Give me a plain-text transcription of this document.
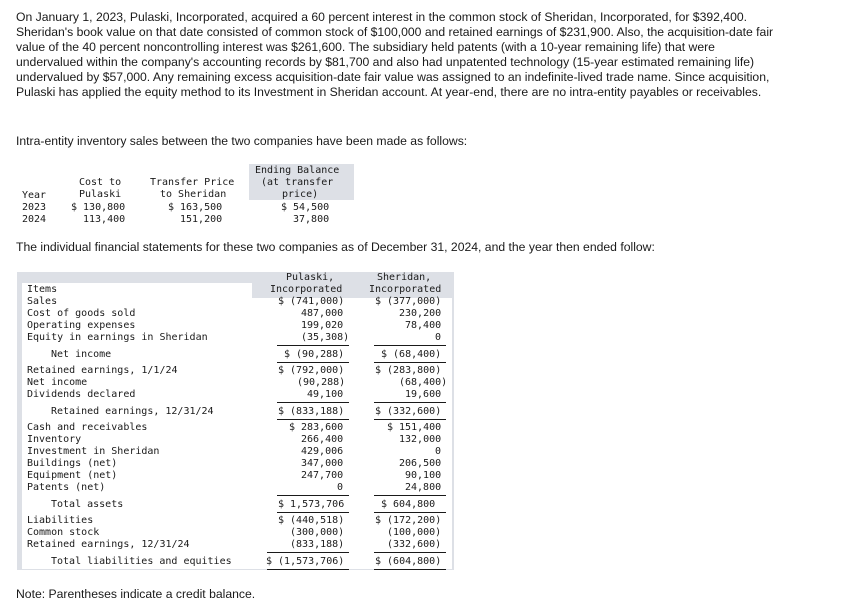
On January 1, 2023, Pulaski, Incorporated, acquired a 60 percent interest in the common stock of Sheridan, Incorporated, for $392,400. Sheridan's book value on that date consisted of common stock of $100,000 and retained earnings of $231,900. Also, the acquisition-date fair value of the 40 percent noncontrolling interest was $261,600. The subsidiary held patents (with a 10-year remaining life) that were undervalued within the company's accounting records by $81,700 and also had unpatented technology (15-year estimated remaining life) undervalued by $57,000. Any remaining excess acquisition-date fair value was assigned to an indefinite-lived trade name. Since acquisition, Pulaski has applied the equity method to its Investment in Sheridan account. At year-end, there are no intra-entity payables or receivables.
Intra-entity inventory sales between the two companies have been made as follows:
Ending Balance
(at transfer
price)
Cost to
Pulaski
Transfer Price
to Sheridan
Year
2023 $ 130,800	$ 163,500	$ 54,500
2024	113,400	151,200	37,800
The individual financial statements for these two companies as of December 31, 2024, and the year then ended follow:
Pulaski,
Incorporated
Sheridan,
Incorporated
Items
Sales	$ (741,000)	$ (377,000)
Cost of goods sold	487,000	230,200
Operating expenses	199,020	78,400
Equity in earnings in Sheridan	(35,308)	0
Net income	$ (90,288)	$ (68,400)
Retained earnings, 1/1/24	$ (792,000)	$ (283,800)
Net income	(90,288)	(68,400)
Dividends declared	49,100	19,600
Retained earnings, 12/31/24	$ (833,188)	$ (332,600)
Cash and receivables	$ 283,600	$ 151,400
Inventory	266,400	132,000
Investment in Sheridan	429,006	0
Buildings (net)	347,000	206,500
Equipment (net)	247,700	90,100
Patents (net)	0	24,800
Total assets	$ 1,573,706	$ 604,800
Liabilities	$ (440,518)	$ (172,200)
Common stock	(300,000)	(100,000)
Retained earnings, 12/31/24	(833,188)	(332,600)
Total liabilities and equities	$ (1,573,706)	$ (604,800)
Note: Parentheses indicate a credit balance.
